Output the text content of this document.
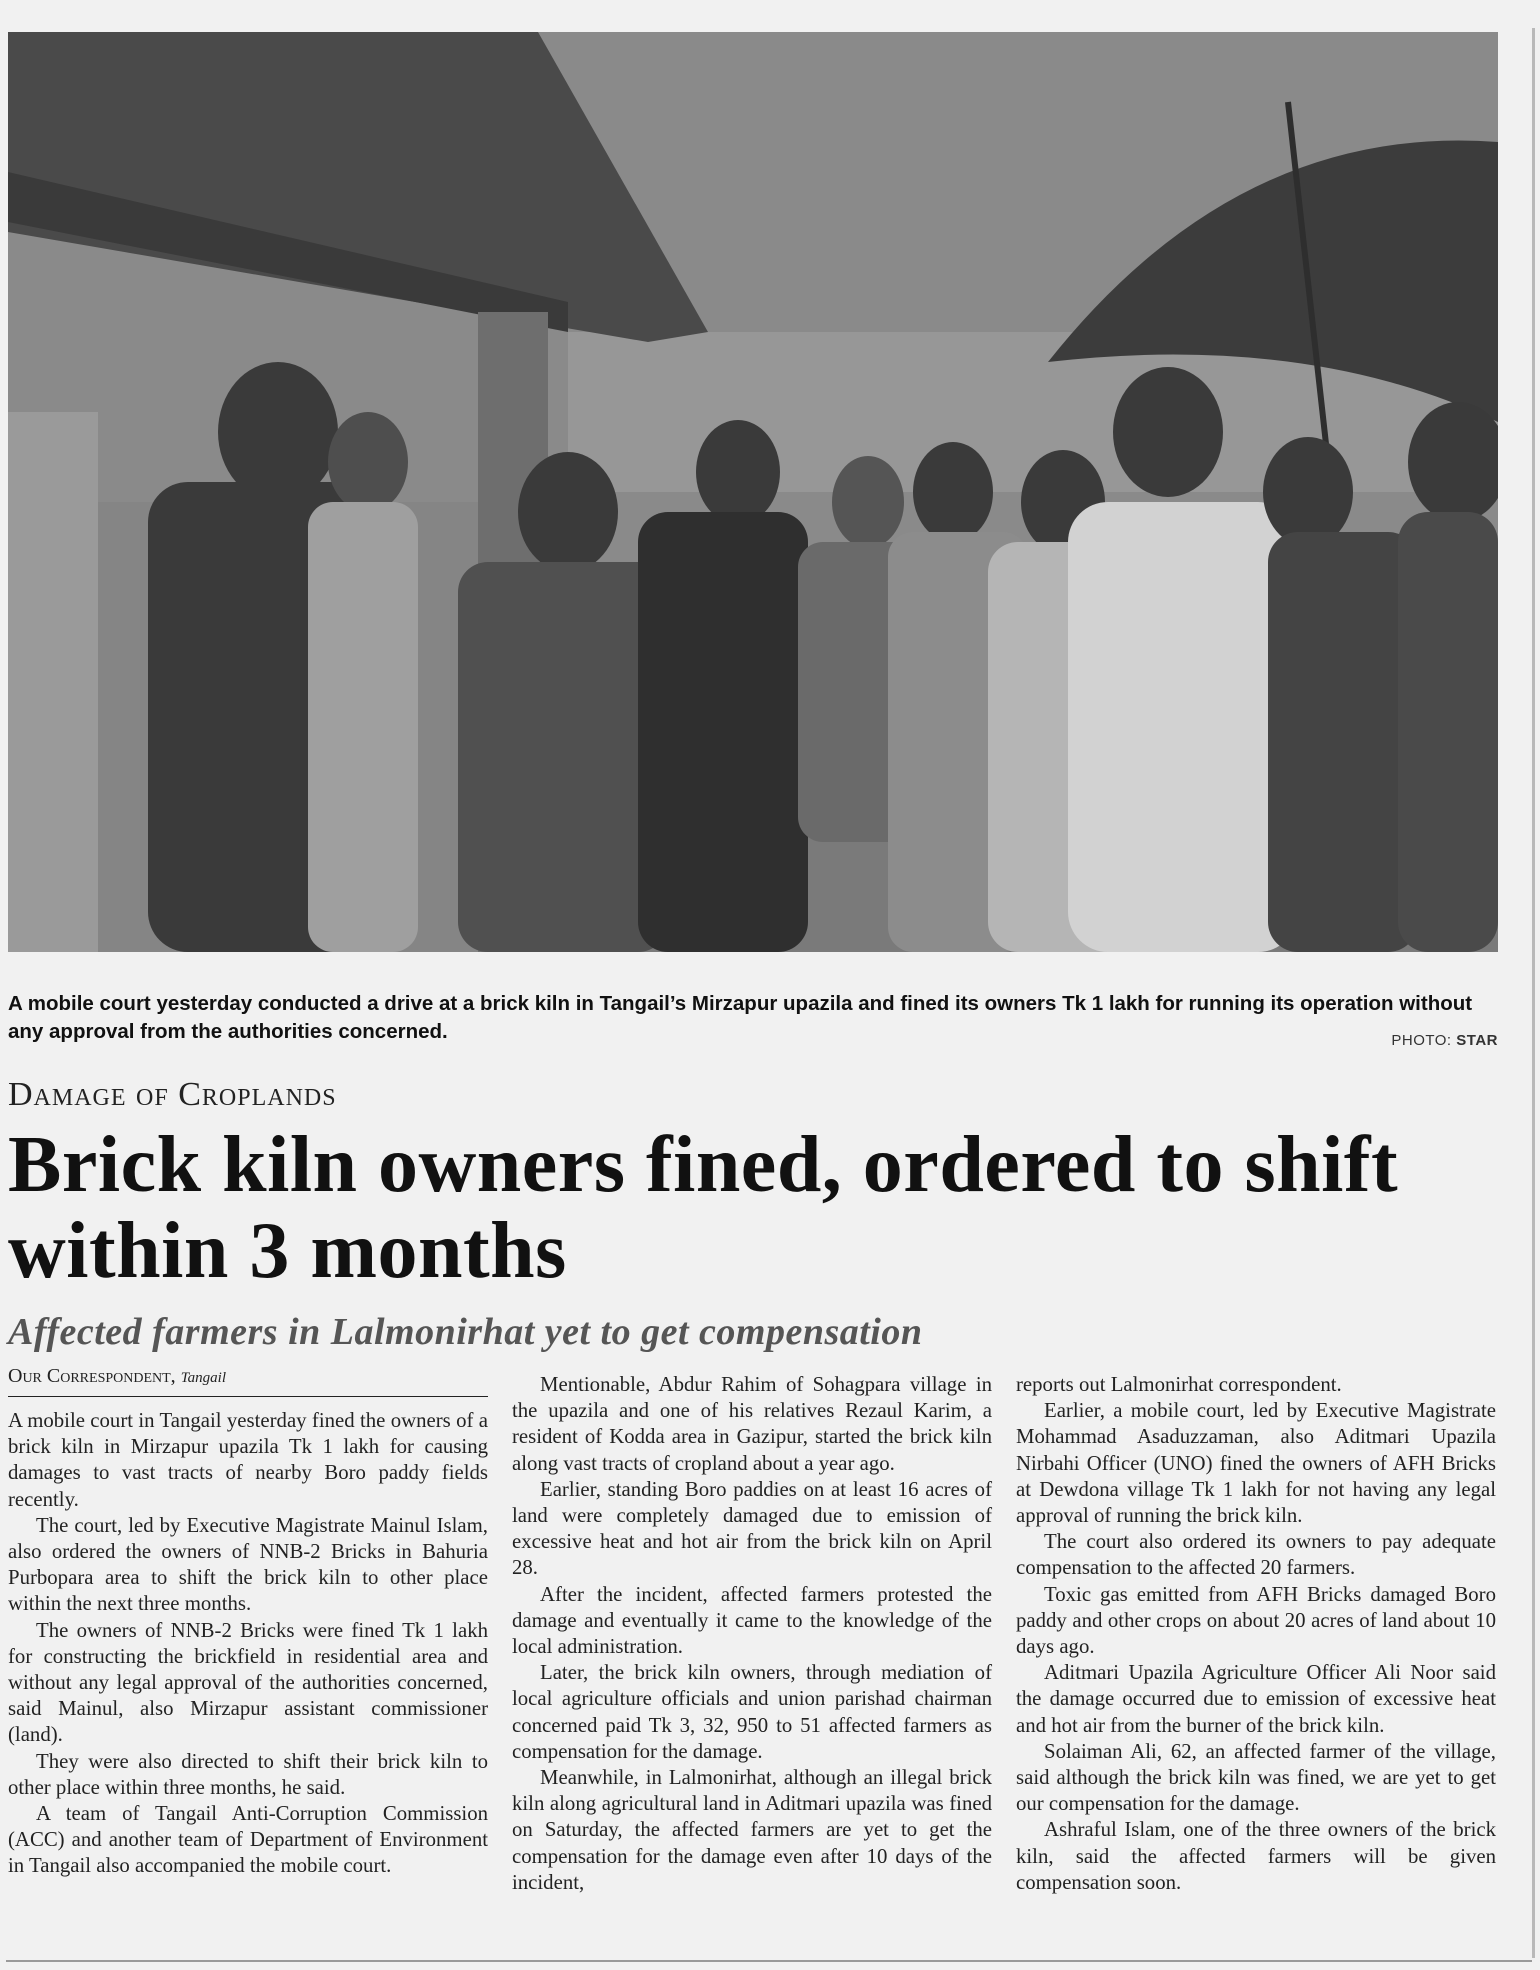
A mobile court yesterday conducted a drive at a brick kiln in Tangail’s Mirzapur upazila and fined its owners Tk 1 lakh for running its operation without any approval from the authorities concerned.	PHOTO: STAR
Damage of Croplands
Brick kiln owners fined, ordered to shift within 3 months
Affected farmers in Lalmonirhat yet to get compensation
Our Correspondent, Tangail

A mobile court in Tangail yesterday fined the owners of a brick kiln in Mirzapur upazila Tk 1 lakh for causing damages to vast tracts of nearby Boro paddy fields recently.

The court, led by Executive Magistrate Mainul Islam, also ordered the owners of NNB-2 Bricks in Bahuria Purbopara area to shift the brick kiln to other place within the next three months.

The owners of NNB-2 Bricks were fined Tk 1 lakh for constructing the brickfield in residential area and without any legal approval of the authorities concerned, said Mainul, also Mirzapur assistant commissioner (land).

They were also directed to shift their brick kiln to other place within three months, he said.

A team of Tangail Anti-Corruption Commission (ACC) and another team of Department of Environment in Tangail also accompanied the mobile court.

Mentionable, Abdur Rahim of Sohagpara village in the upazila and one of his relatives Rezaul Karim, a resident of Kodda area in Gazipur, started the brick kiln along vast tracts of cropland about a year ago.

Earlier, standing Boro paddies on at least 16 acres of land were completely damaged due to emission of excessive heat and hot air from the brick kiln on April 28.

After the incident, affected farmers protested the damage and eventually it came to the knowledge of the local administration.

Later, the brick kiln owners, through mediation of local agriculture officials and union parishad chairman concerned paid Tk 3, 32, 950 to 51 affected farmers as compensation for the damage.

Meanwhile, in Lalmonirhat, although an illegal brick kiln along agricultural land in Aditmari upazila was fined on Saturday, the affected farmers are yet to get the compensation for the damage even after 10 days of the incident,

reports out Lalmonirhat correspondent.

Earlier, a mobile court, led by Executive Magistrate Mohammad Asaduzzaman, also Aditmari Upazila Nirbahi Officer (UNO) fined the owners of AFH Bricks at Dewdona village Tk 1 lakh for not having any legal approval of running the brick kiln.

The court also ordered its owners to pay adequate compensation to the affected 20 farmers.

Toxic gas emitted from AFH Bricks damaged Boro paddy and other crops on about 20 acres of land about 10 days ago.

Aditmari Upazila Agriculture Officer Ali Noor said the damage occurred due to emission of excessive heat and hot air from the burner of the brick kiln.

Solaiman Ali, 62, an affected farmer of the village, said although the brick kiln was fined, we are yet to get our compensation for the damage.

Ashraful Islam, one of the three owners of the brick kiln, said the affected farmers will be given compensation soon.
